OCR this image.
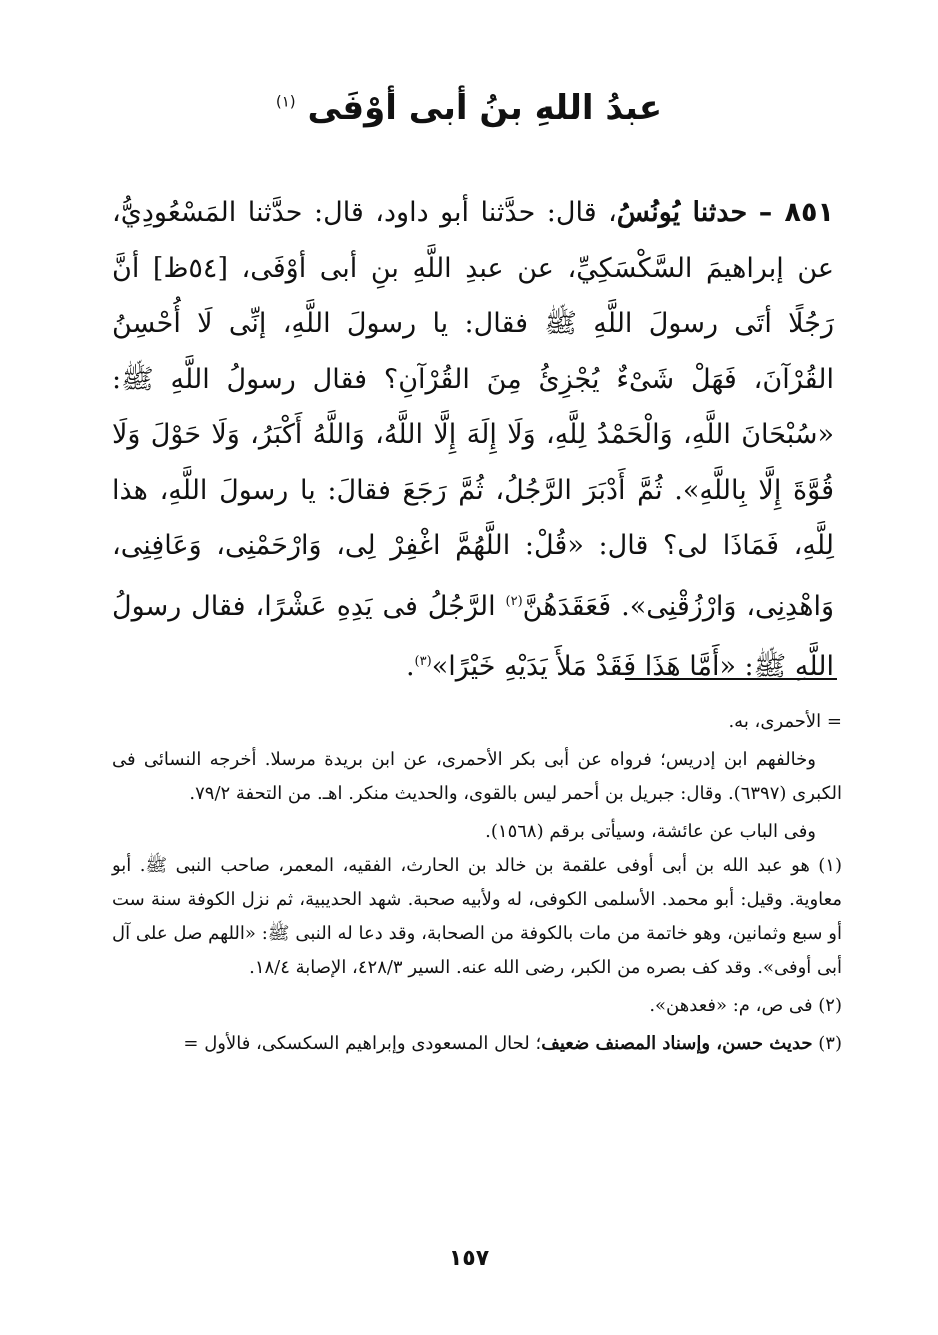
عبدُ اللهِ بنُ أبى أوْفَى $^{(١)}$

٨٥١ – حدثنا يُونُسُ، قال: حدَّثنا أبو داود، قال: حدَّثنا المَسْعُودِيُّ، عن إبراهيمَ السَّكْسَكِيِّ، عن عبدِ اللَّهِ بنِ أبى أوْفَى، [٥٤ظ] أنَّ رَجُلًا أتَى رسولَ اللَّهِ ﷺ فقال: يا رسولَ اللَّهِ، إنِّى لَا أُحْسِنُ القُرْآنَ، فَهَلْ شَىْءٌ يُجْزِئُ مِنَ القُرْآنِ؟ فقال رسولُ اللَّهِ ﷺ: «سُبْحَانَ اللَّهِ، وَالْحَمْدُ لِلَّهِ، وَلَا إِلَهَ إِلَّا اللَّهُ، وَاللَّهُ أَكْبَرُ، وَلَا حَوْلَ وَلَا قُوَّةَ إِلَّا بِاللَّهِ». ثُمَّ أَدْبَرَ الرَّجُلُ، ثُمَّ رَجَعَ فقالَ: يا رسولَ اللَّهِ، هذا لِلَّهِ، فَمَاذَا لى؟ قال: «قُلْ: اللَّهُمَّ اغْفِرْ لِى، وَارْحَمْنِى، وَعَافِنِى، وَاهْدِنِى، وَارْزُقْنِى». فَعَقَدَهُنَّ$^{(٢)}$ الرَّجُلُ فى يَدِهِ عَشْرًا، فقال رسولُ اللَّهِ ﷺ: «أَمَّا هَذَا فَقَدْ مَلأَ يَدَيْهِ خَيْرًا»$^{(٣)}$.

= الأحمرى، به.

وخالفهم ابن إدريس؛ فرواه عن أبى بكر الأحمرى، عن ابن بريدة مرسلا. أخرجه النسائى فى الكبرى (٦٣٩٧). وقال: جبريل بن أحمر ليس بالقوى، والحديث منكر. اهـ. من التحفة ٧٩/٢.

وفى الباب عن عائشة، وسيأتى برقم (١٥٦٨).

(١) هو عبد الله بن أبى أوفى علقمة بن خالد بن الحارث، الفقيه، المعمر، صاحب النبى ﷺ. أبو معاوية. وقيل: أبو محمد. الأسلمى الكوفى، له ولأبيه صحبة. شهد الحديبية، ثم نزل الكوفة سنة ست أو سبع وثمانين، وهو خاتمة من مات بالكوفة من الصحابة، وقد دعا له النبى ﷺ: «اللهم صل على آل أبى أوفى». وقد كف بصره من الكبر، رضى الله عنه. السير ٤٢٨/٣، الإصابة ١٨/٤.

(٢) فى ص، م: «فعدهن».

(٣) حديث حسن، وإسناد المصنف ضعيف؛ لحال المسعودى وإبراهيم السكسكى، فالأول =

١٥٧
